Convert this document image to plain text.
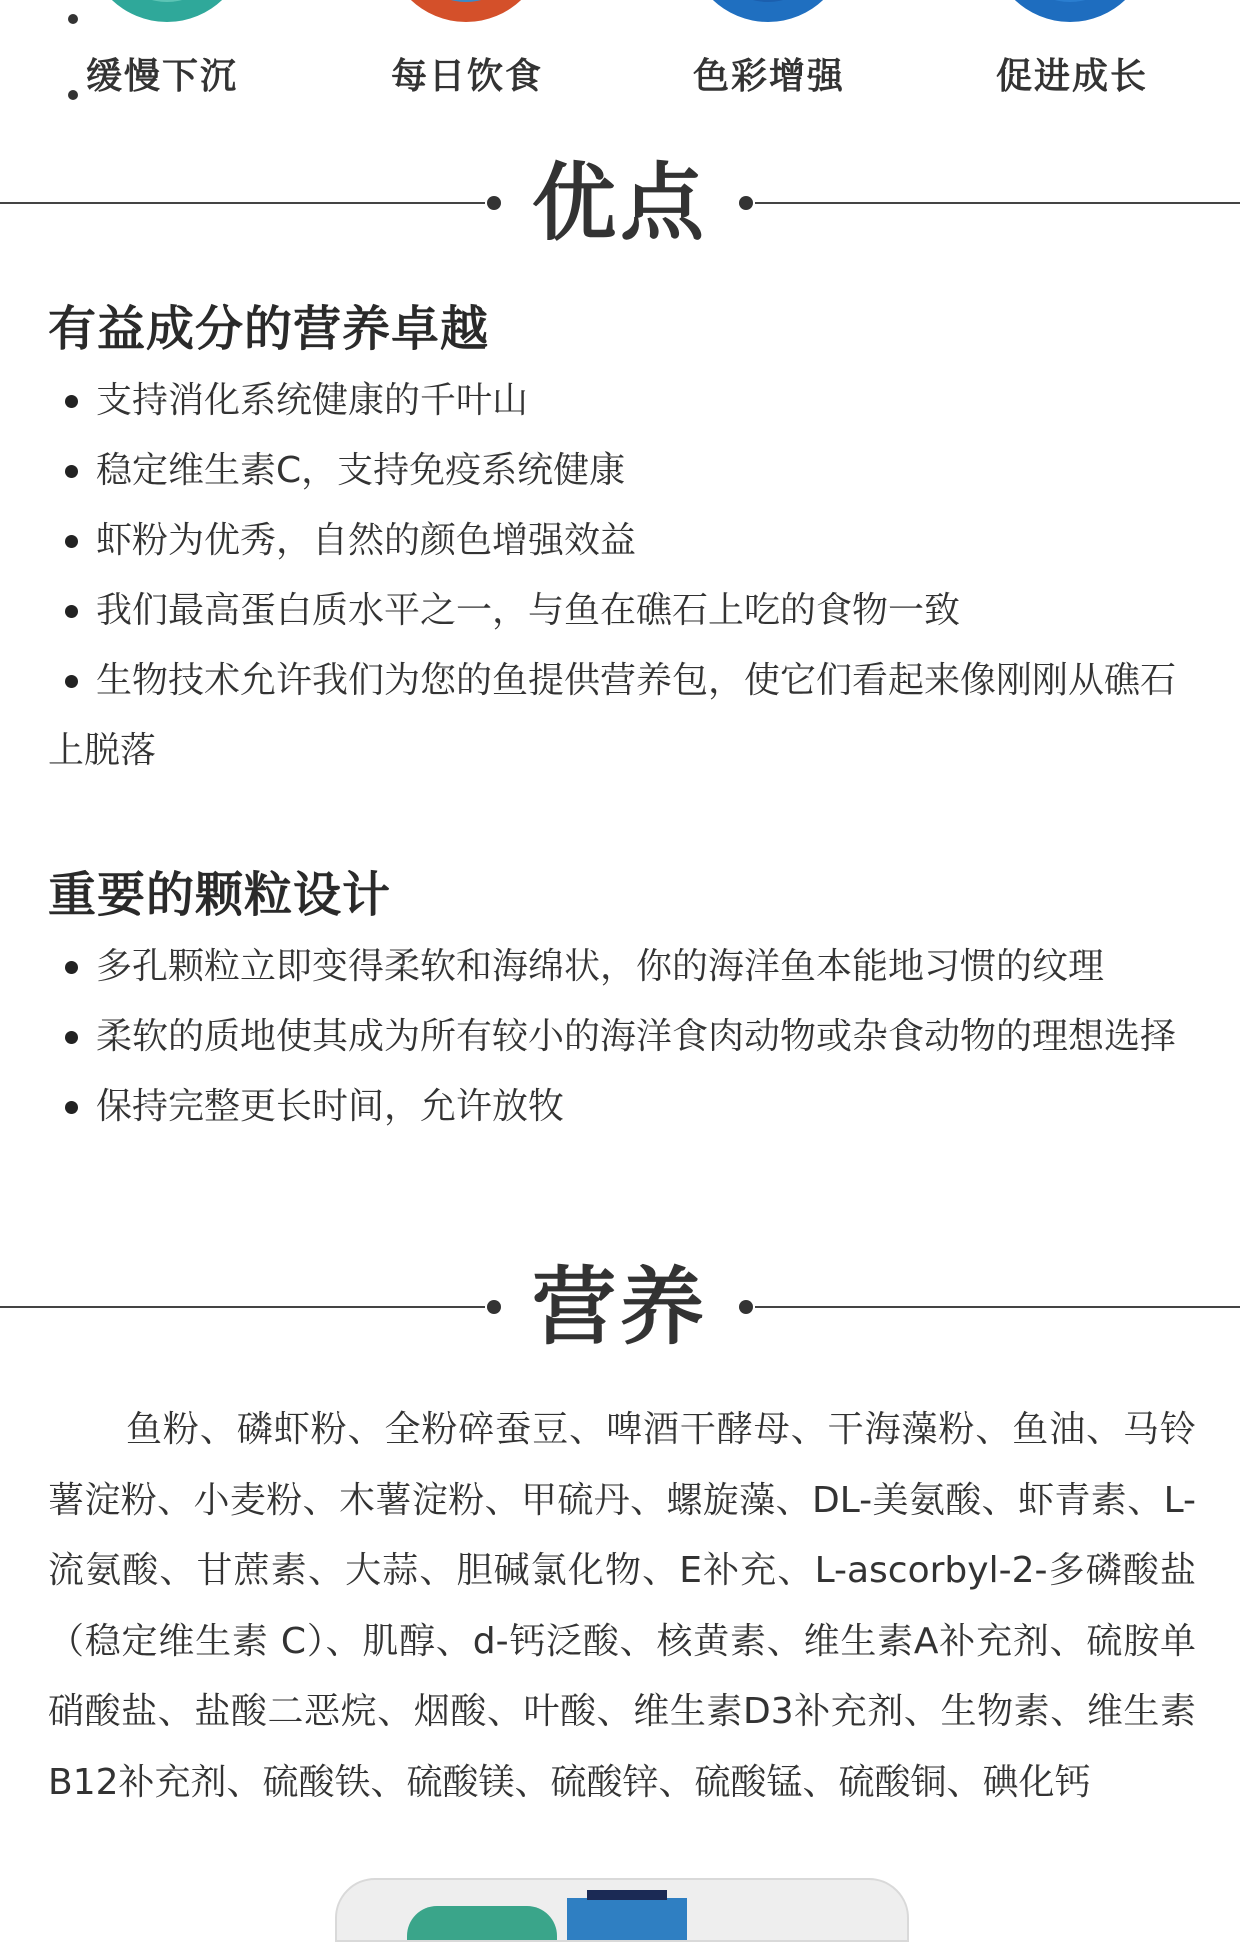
缓慢下沉	每日饮食	色彩增强	促进成长
优点
有益成分的营养卓越
支持消化系统健康的千叶山
稳定维生素C，支持免疫系统健康
虾粉为优秀，自然的颜色增强效益
我们最高蛋白质水平之一，与鱼在礁石上吃的食物一致
生物技术允许我们为您的鱼提供营养包，使它们看起来像刚刚从礁石上脱落
重要的颗粒设计
多孔颗粒立即变得柔软和海绵状，你的海洋鱼本能地习惯的纹理
柔软的质地使其成为所有较小的海洋食肉动物或杂食动物的理想选择
保持完整更长时间，允许放牧
营养

鱼粉、磷虾粉、全粉碎蚕豆、啤酒干酵母、干海藻粉、鱼油、马铃薯淀粉、小麦粉、木薯淀粉、甲硫丹、螺旋藻、DL-美氨酸、虾青素、L-流氨酸、甘蔗素、大蒜、胆碱氯化物、E补充、L-ascorbyl-2-多磷酸盐 （稳定维生素 C）、肌醇、d-钙泛酸、核黄素、维生素A补充剂、硫胺单硝酸盐、盐酸二恶烷、烟酸、叶酸、维生素D3补充剂、生物素、维生素B12补充剂、硫酸铁、硫酸镁、硫酸锌、硫酸锰、硫酸铜、碘化钙
